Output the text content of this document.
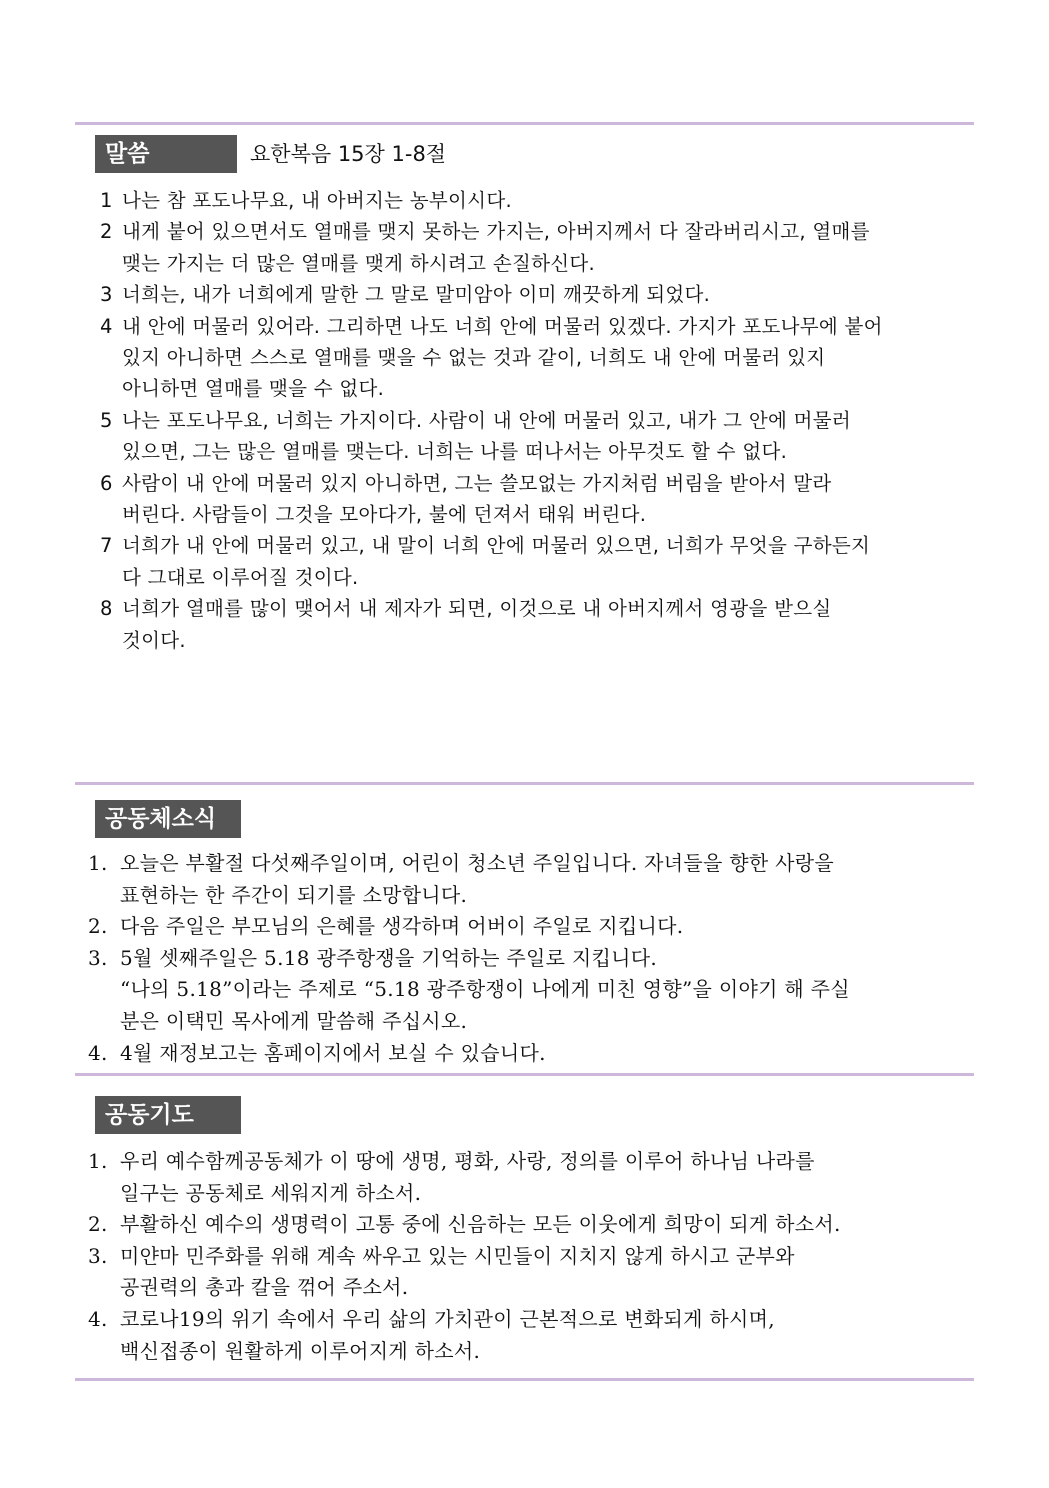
말씀	요한복음 15장 1-8절
1 나는 참 포도나무요, 내 아버지는 농부이시다.
2 내게 붙어 있으면서도 열매를 맺지 못하는 가지는, 아버지께서 다 잘라버리시고, 열매를
맺는 가지는 더 많은 열매를 맺게 하시려고 손질하신다.
3 너희는, 내가 너희에게 말한 그 말로 말미암아 이미 깨끗하게 되었다.
4 내 안에 머물러 있어라. 그리하면 나도 너희 안에 머물러 있겠다. 가지가 포도나무에 붙어
있지 아니하면 스스로 열매를 맺을 수 없는 것과 같이, 너희도 내 안에 머물러 있지
아니하면 열매를 맺을 수 없다.
5 나는 포도나무요, 너희는 가지이다. 사람이 내 안에 머물러 있고, 내가 그 안에 머물러
있으면, 그는 많은 열매를 맺는다. 너희는 나를 떠나서는 아무것도 할 수 없다.
6 사람이 내 안에 머물러 있지 아니하면, 그는 쓸모없는 가지처럼 버림을 받아서 말라
버린다. 사람들이 그것을 모아다가, 불에 던져서 태워 버린다.
7 너희가 내 안에 머물러 있고, 내 말이 너희 안에 머물러 있으면, 너희가 무엇을 구하든지
다 그대로 이루어질 것이다.
8 너희가 열매를 많이 맺어서 내 제자가 되면, 이것으로 내 아버지께서 영광을 받으실
것이다.
공동체소식
1. 오늘은 부활절 다섯째주일이며, 어린이 청소년 주일입니다. 자녀들을 향한 사랑을
표현하는 한 주간이 되기를 소망합니다.
2. 다음 주일은 부모님의 은혜를 생각하며 어버이 주일로 지킵니다.
3. 5월 셋째주일은 5.18 광주항쟁을 기억하는 주일로 지킵니다.
“나의 5.18”이라는 주제로 “5.18 광주항쟁이 나에게 미친 영향”을 이야기 해 주실
분은 이택민 목사에게 말씀해 주십시오.
4. 4월 재정보고는 홈페이지에서 보실 수 있습니다.
공동기도
1. 우리 예수함께공동체가 이 땅에 생명, 평화, 사랑, 정의를 이루어 하나님 나라를
일구는 공동체로 세워지게 하소서.
2. 부활하신 예수의 생명력이 고통 중에 신음하는 모든 이웃에게 희망이 되게 하소서.
3. 미얀마 민주화를 위해 계속 싸우고 있는 시민들이 지치지 않게 하시고 군부와
공권력의 총과 칼을 꺾어 주소서.
4. 코로나19의 위기 속에서 우리 삶의 가치관이 근본적으로 변화되게 하시며,
백신접종이 원활하게 이루어지게 하소서.
